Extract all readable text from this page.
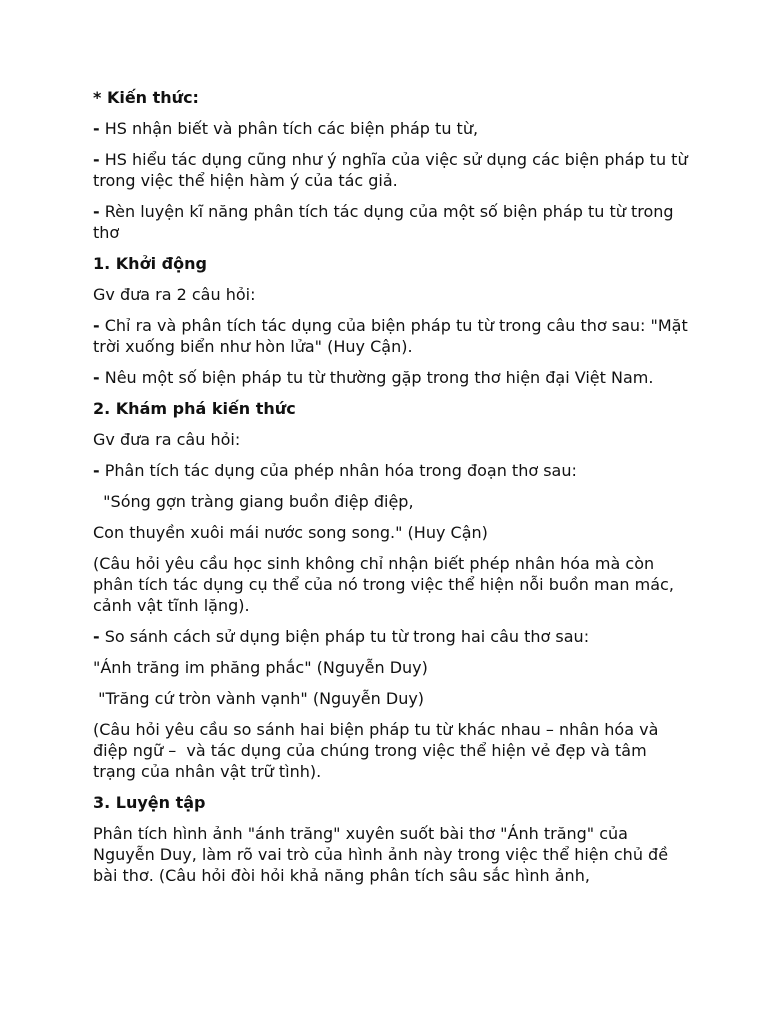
* Kiến thức:

- HS nhận biết và phân tích các biện pháp tu từ,

- HS hiểu tác dụng cũng như ý nghĩa của việc sử dụng các biện pháp tu từ trong việc thể hiện hàm ý của tác giả.

- Rèn luyện kĩ năng phân tích tác dụng của một số biện pháp tu từ trong thơ

1. Khởi động

Gv đưa ra 2 câu hỏi:

- Chỉ ra và phân tích tác dụng của biện pháp tu từ trong câu thơ sau: "Mặt trời xuống biển như hòn lửa" (Huy Cận).

- Nêu một số biện pháp tu từ thường gặp trong thơ hiện đại Việt Nam.

2. Khám phá kiến thức

Gv đưa ra câu hỏi:

- Phân tích tác dụng của phép nhân hóa trong đoạn thơ sau:

"Sóng gợn tràng giang buồn điệp điệp,

Con thuyền xuôi mái nước song song." (Huy Cận)

(Câu hỏi yêu cầu học sinh không chỉ nhận biết phép nhân hóa mà còn phân tích tác dụng cụ thể của nó trong việc thể hiện nỗi buồn man mác, cảnh vật tĩnh lặng).

- So sánh cách sử dụng biện pháp tu từ trong hai câu thơ sau:

"Ánh trăng im phăng phắc" (Nguyễn Duy)

"Trăng cứ tròn vành vạnh" (Nguyễn Duy)

(Câu hỏi yêu cầu so sánh hai biện pháp tu từ khác nhau – nhân hóa và điệp ngữ –  và tác dụng của chúng trong việc thể hiện vẻ đẹp và tâm trạng của nhân vật trữ tình).

3. Luyện tập

Phân tích hình ảnh "ánh trăng" xuyên suốt bài thơ "Ánh trăng" của Nguyễn Duy, làm rõ vai trò của hình ảnh này trong việc thể hiện chủ đề bài thơ. (Câu hỏi đòi hỏi khả năng phân tích sâu sắc hình ảnh,
